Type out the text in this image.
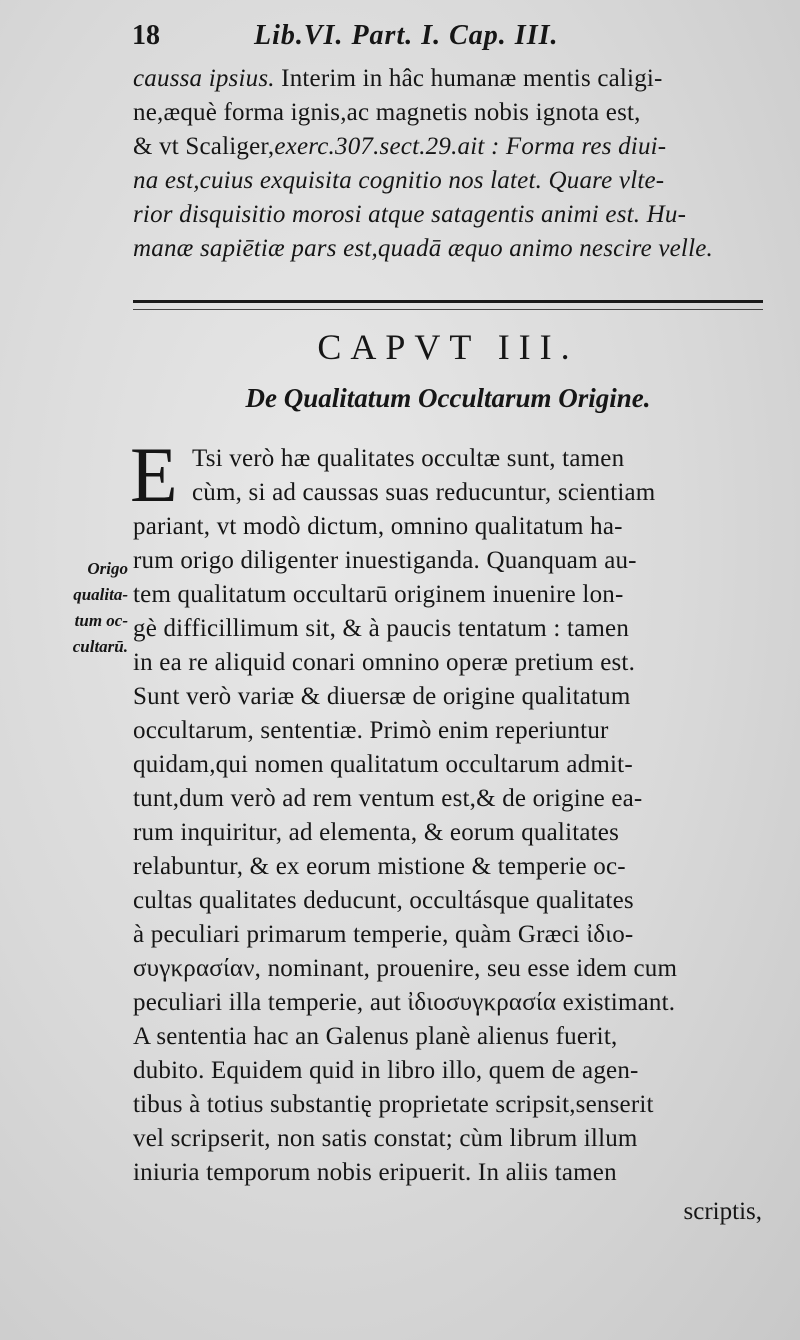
18	Lib.VI. Part. I. Cap. III.
caussa ipsius. Interim in hâc humanæ mentis caligi-
ne,æquè forma ignis,ac magnetis nobis ignota est,
& vt Scaliger,exerc.307.sect.29.ait : Forma res diui-
na est,cuius exquisita cognitio nos latet. Quare vlte-
rior disquisitio morosi atque satagentis animi est. Hu-
manæ sapiētiæ pars est,quadā æquo animo nescire velle.
CAPVT III.
De Qualitatum Occultarum Origine.
E
Origo
qualita-
tum oc-
cultarū.
Tsi verò hæ qualitates occultæ sunt, tamen
cùm, si ad caussas suas reducuntur, scientiam
pariant, vt modò dictum, omnino qualitatum ha-
rum origo diligenter inuestiganda. Quanquam au-
tem qualitatum occultarū originem inuenire lon-
gè difficillimum sit, & à paucis tentatum : tamen
in ea re aliquid conari omnino operæ pretium est.
Sunt verò variæ & diuersæ de origine qualitatum
occultarum, sententiæ. Primò enim reperiuntur
quidam,qui nomen qualitatum occultarum admit-
tunt,dum verò ad rem ventum est,& de origine ea-
rum inquiritur, ad elementa, & eorum qualitates
relabuntur, & ex eorum mistione & temperie oc-
cultas qualitates deducunt, occultásque qualitates
à peculiari primarum temperie, quàm Græci ἰδιο-
συγκρασίαν, nominant, prouenire, seu esse idem cum
peculiari illa temperie, aut ἰδιοσυγκρασία existimant.
A sententia hac an Galenus planè alienus fuerit,
dubito. Equidem quid in libro illo, quem de agen-
tibus à totius substantię proprietate scripsit,senserit
vel scripserit, non satis constat; cùm librum illum
iniuria temporum nobis eripuerit. In aliis tamen
scriptis,
